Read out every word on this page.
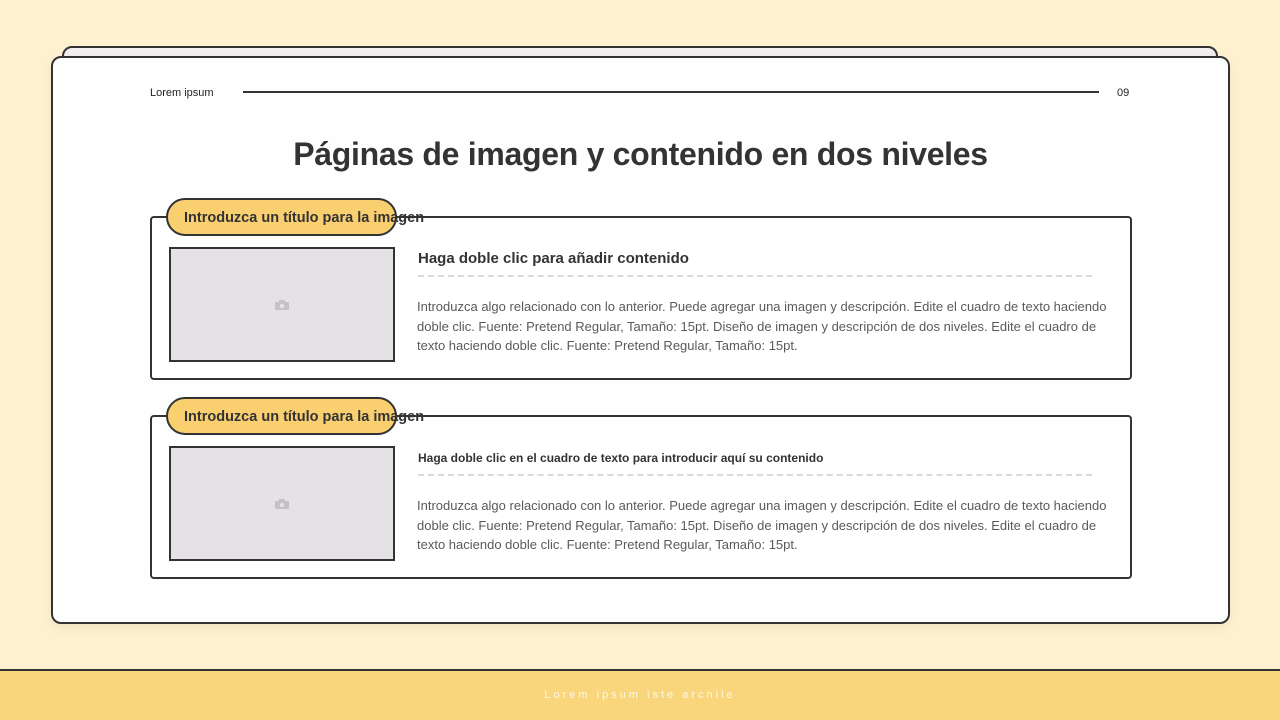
Lorem ipsum	09
Páginas de imagen y contenido en dos niveles
Introduzca un título para la imagen
Haga doble clic para añadir contenido

Introduzca algo relacionado con lo anterior. Puede agregar una imagen y descripción. Edite el cuadro de texto haciendo doble clic. Fuente: Pretend Regular, Tamaño: 15pt. Diseño de imagen y descripción de dos niveles. Edite el cuadro de texto haciendo doble clic. Fuente: Pretend Regular, Tamaño: 15pt.

Introduzca un título para la imagen
Haga doble clic en el cuadro de texto para introducir aquí su contenido

Introduzca algo relacionado con lo anterior. Puede agregar una imagen y descripción. Edite el cuadro de texto haciendo doble clic. Fuente: Pretend Regular, Tamaño: 15pt. Diseño de imagen y descripción de dos niveles. Edite el cuadro de texto haciendo doble clic. Fuente: Pretend Regular, Tamaño: 15pt.

Lorem ipsum iste arcnile
